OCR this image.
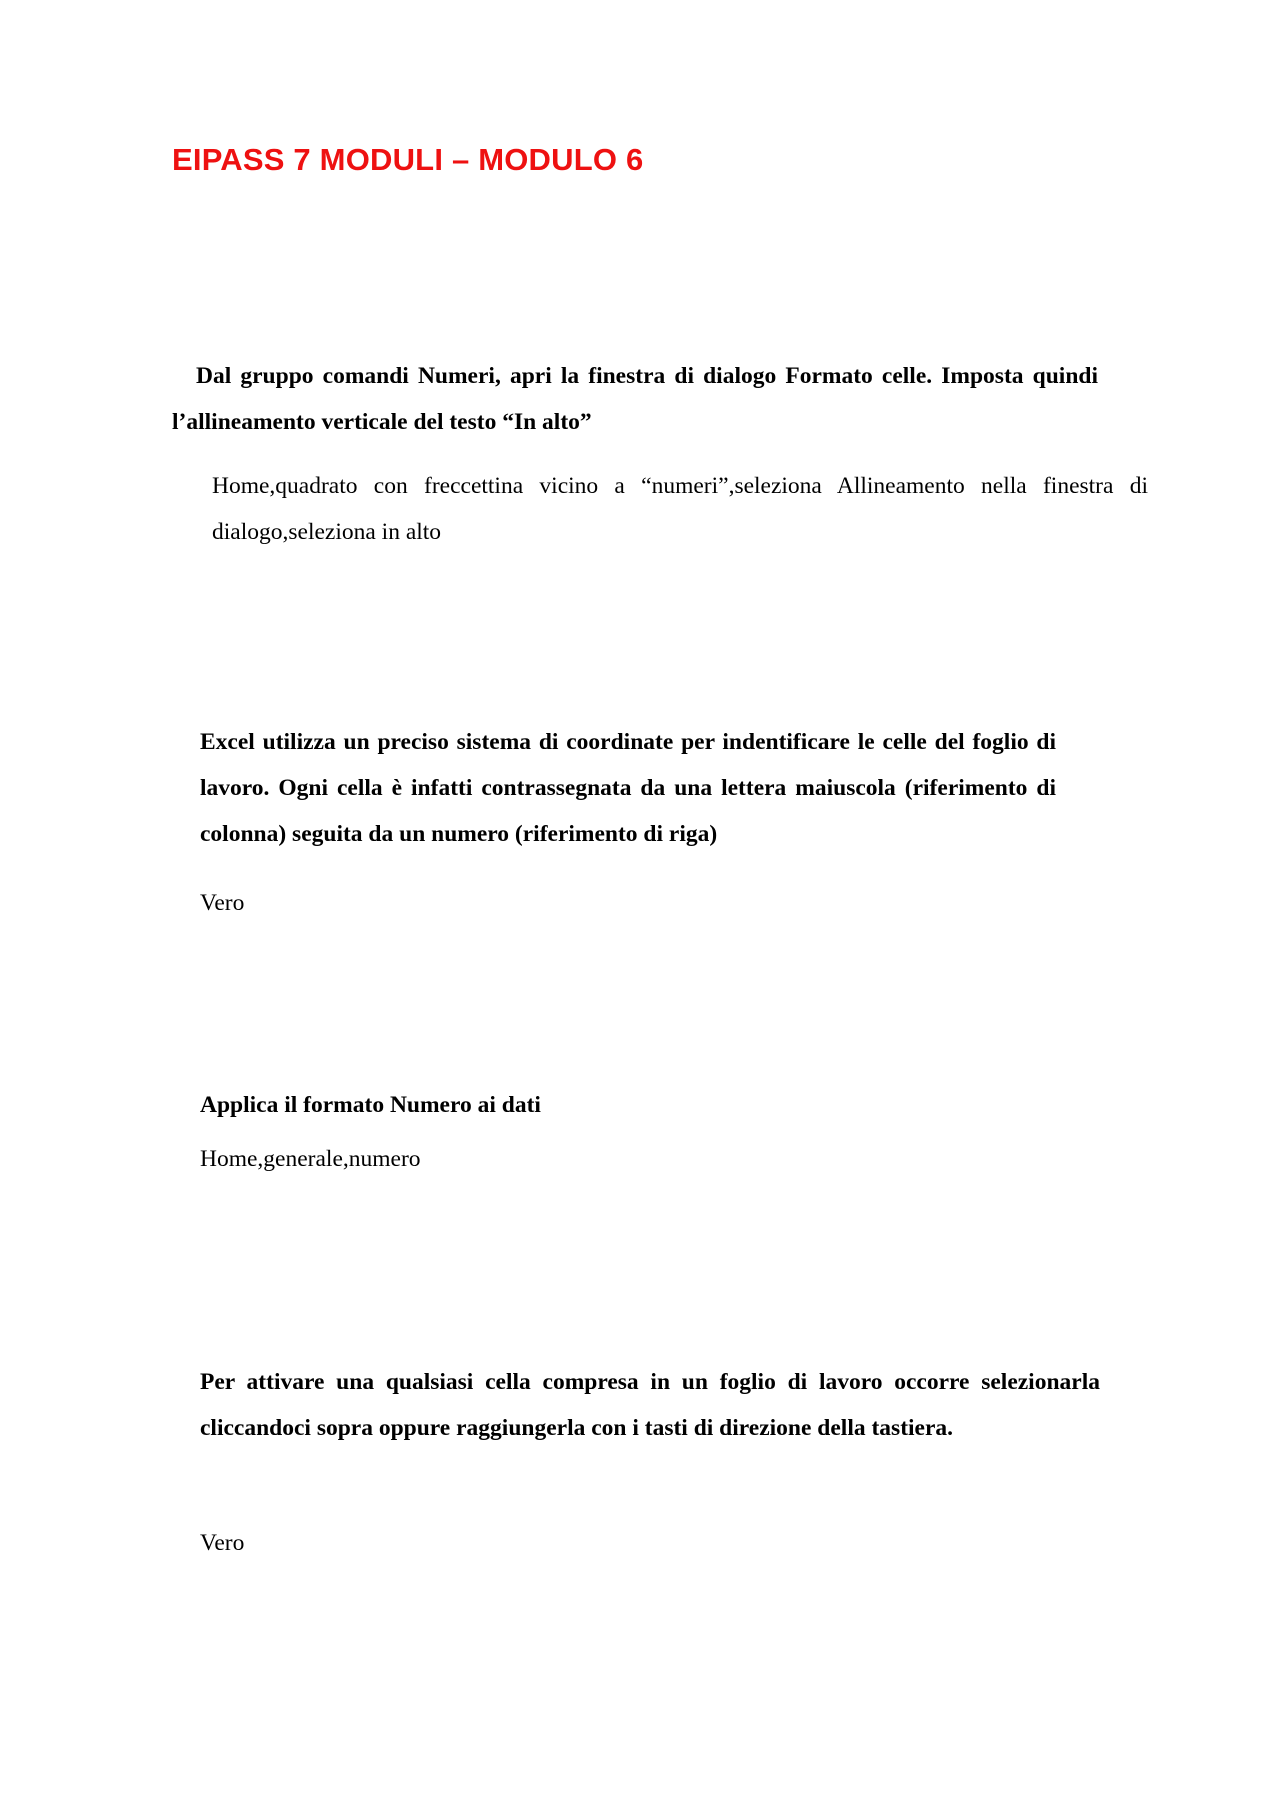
EIPASS 7 MODULI – MODULO 6

Dal gruppo comandi Numeri, apri la finestra di dialogo Formato celle. Imposta quindi l’allineamento verticale del testo “In alto”

Home,quadrato con freccettina vicino a “numeri”,seleziona Allineamento nella finestra di dialogo,seleziona in alto

Excel utilizza un preciso sistema di coordinate per indentificare le celle del foglio di lavoro. Ogni cella è infatti contrassegnata da una lettera maiuscola (riferimento di colonna) seguita da un numero (riferimento di riga)

Vero

Applica il formato Numero ai dati

Home,generale,numero

Per attivare una qualsiasi cella compresa in un foglio di lavoro occorre selezionarla cliccandoci sopra oppure raggiungerla con i tasti di direzione della tastiera.

Vero
